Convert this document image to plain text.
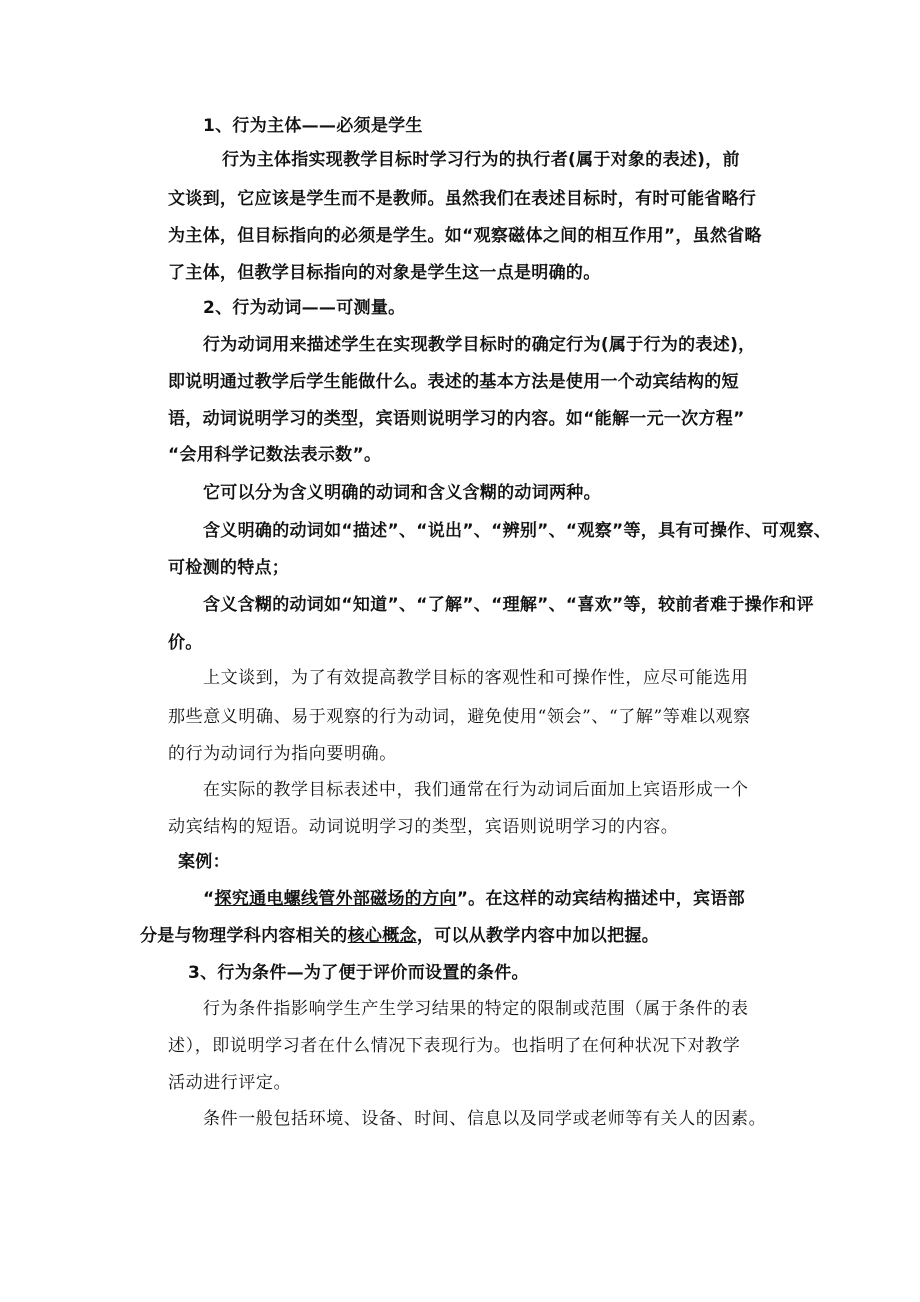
1、行为主体——必须是学生
行为主体指实现教学目标时学习行为的执行者(属于对象的表述)，前
文谈到，它应该是学生而不是教师。虽然我们在表述目标时，有时可能省略行
为主体，但目标指向的必须是学生。如“观察磁体之间的相互作用”，虽然省略
了主体，但教学目标指向的对象是学生这一点是明确的。
2、行为动词——可测量。
行为动词用来描述学生在实现教学目标时的确定行为(属于行为的表述)，
即说明通过教学后学生能做什么。表述的基本方法是使用一个动宾结构的短
语，动词说明学习的类型，宾语则说明学习的内容。如“能解一元一次方程”
“会用科学记数法表示数”。
它可以分为含义明确的动词和含义含糊的动词两种。
含义明确的动词如“描述”、“说出”、“辨别”、“观察”等，具有可操作、可观察、
可检测的特点；
含义含糊的动词如“知道”、“了解”、“理解”、“喜欢”等，较前者难于操作和评
价。
上文谈到，为了有效提高教学目标的客观性和可操作性，应尽可能选用
那些意义明确、易于观察的行为动词，避免使用“领会”、“了解”等难以观察
的行为动词行为指向要明确。
在实际的教学目标表述中，我们通常在行为动词后面加上宾语形成一个
动宾结构的短语。动词说明学习的类型，宾语则说明学习的内容。
案例：
“探究通电螺线管外部磁场的方向”。在这样的动宾结构描述中，宾语部
分是与物理学科内容相关的核心概念，可以从教学内容中加以把握。
3、行为条件—为了便于评价而设置的条件。
行为条件指影响学生产生学习结果的特定的限制或范围（属于条件的表
述），即说明学习者在什么情况下表现行为。也指明了在何种状况下对教学
活动进行评定。
条件一般包括环境、设备、时间、信息以及同学或老师等有关人的因素。
